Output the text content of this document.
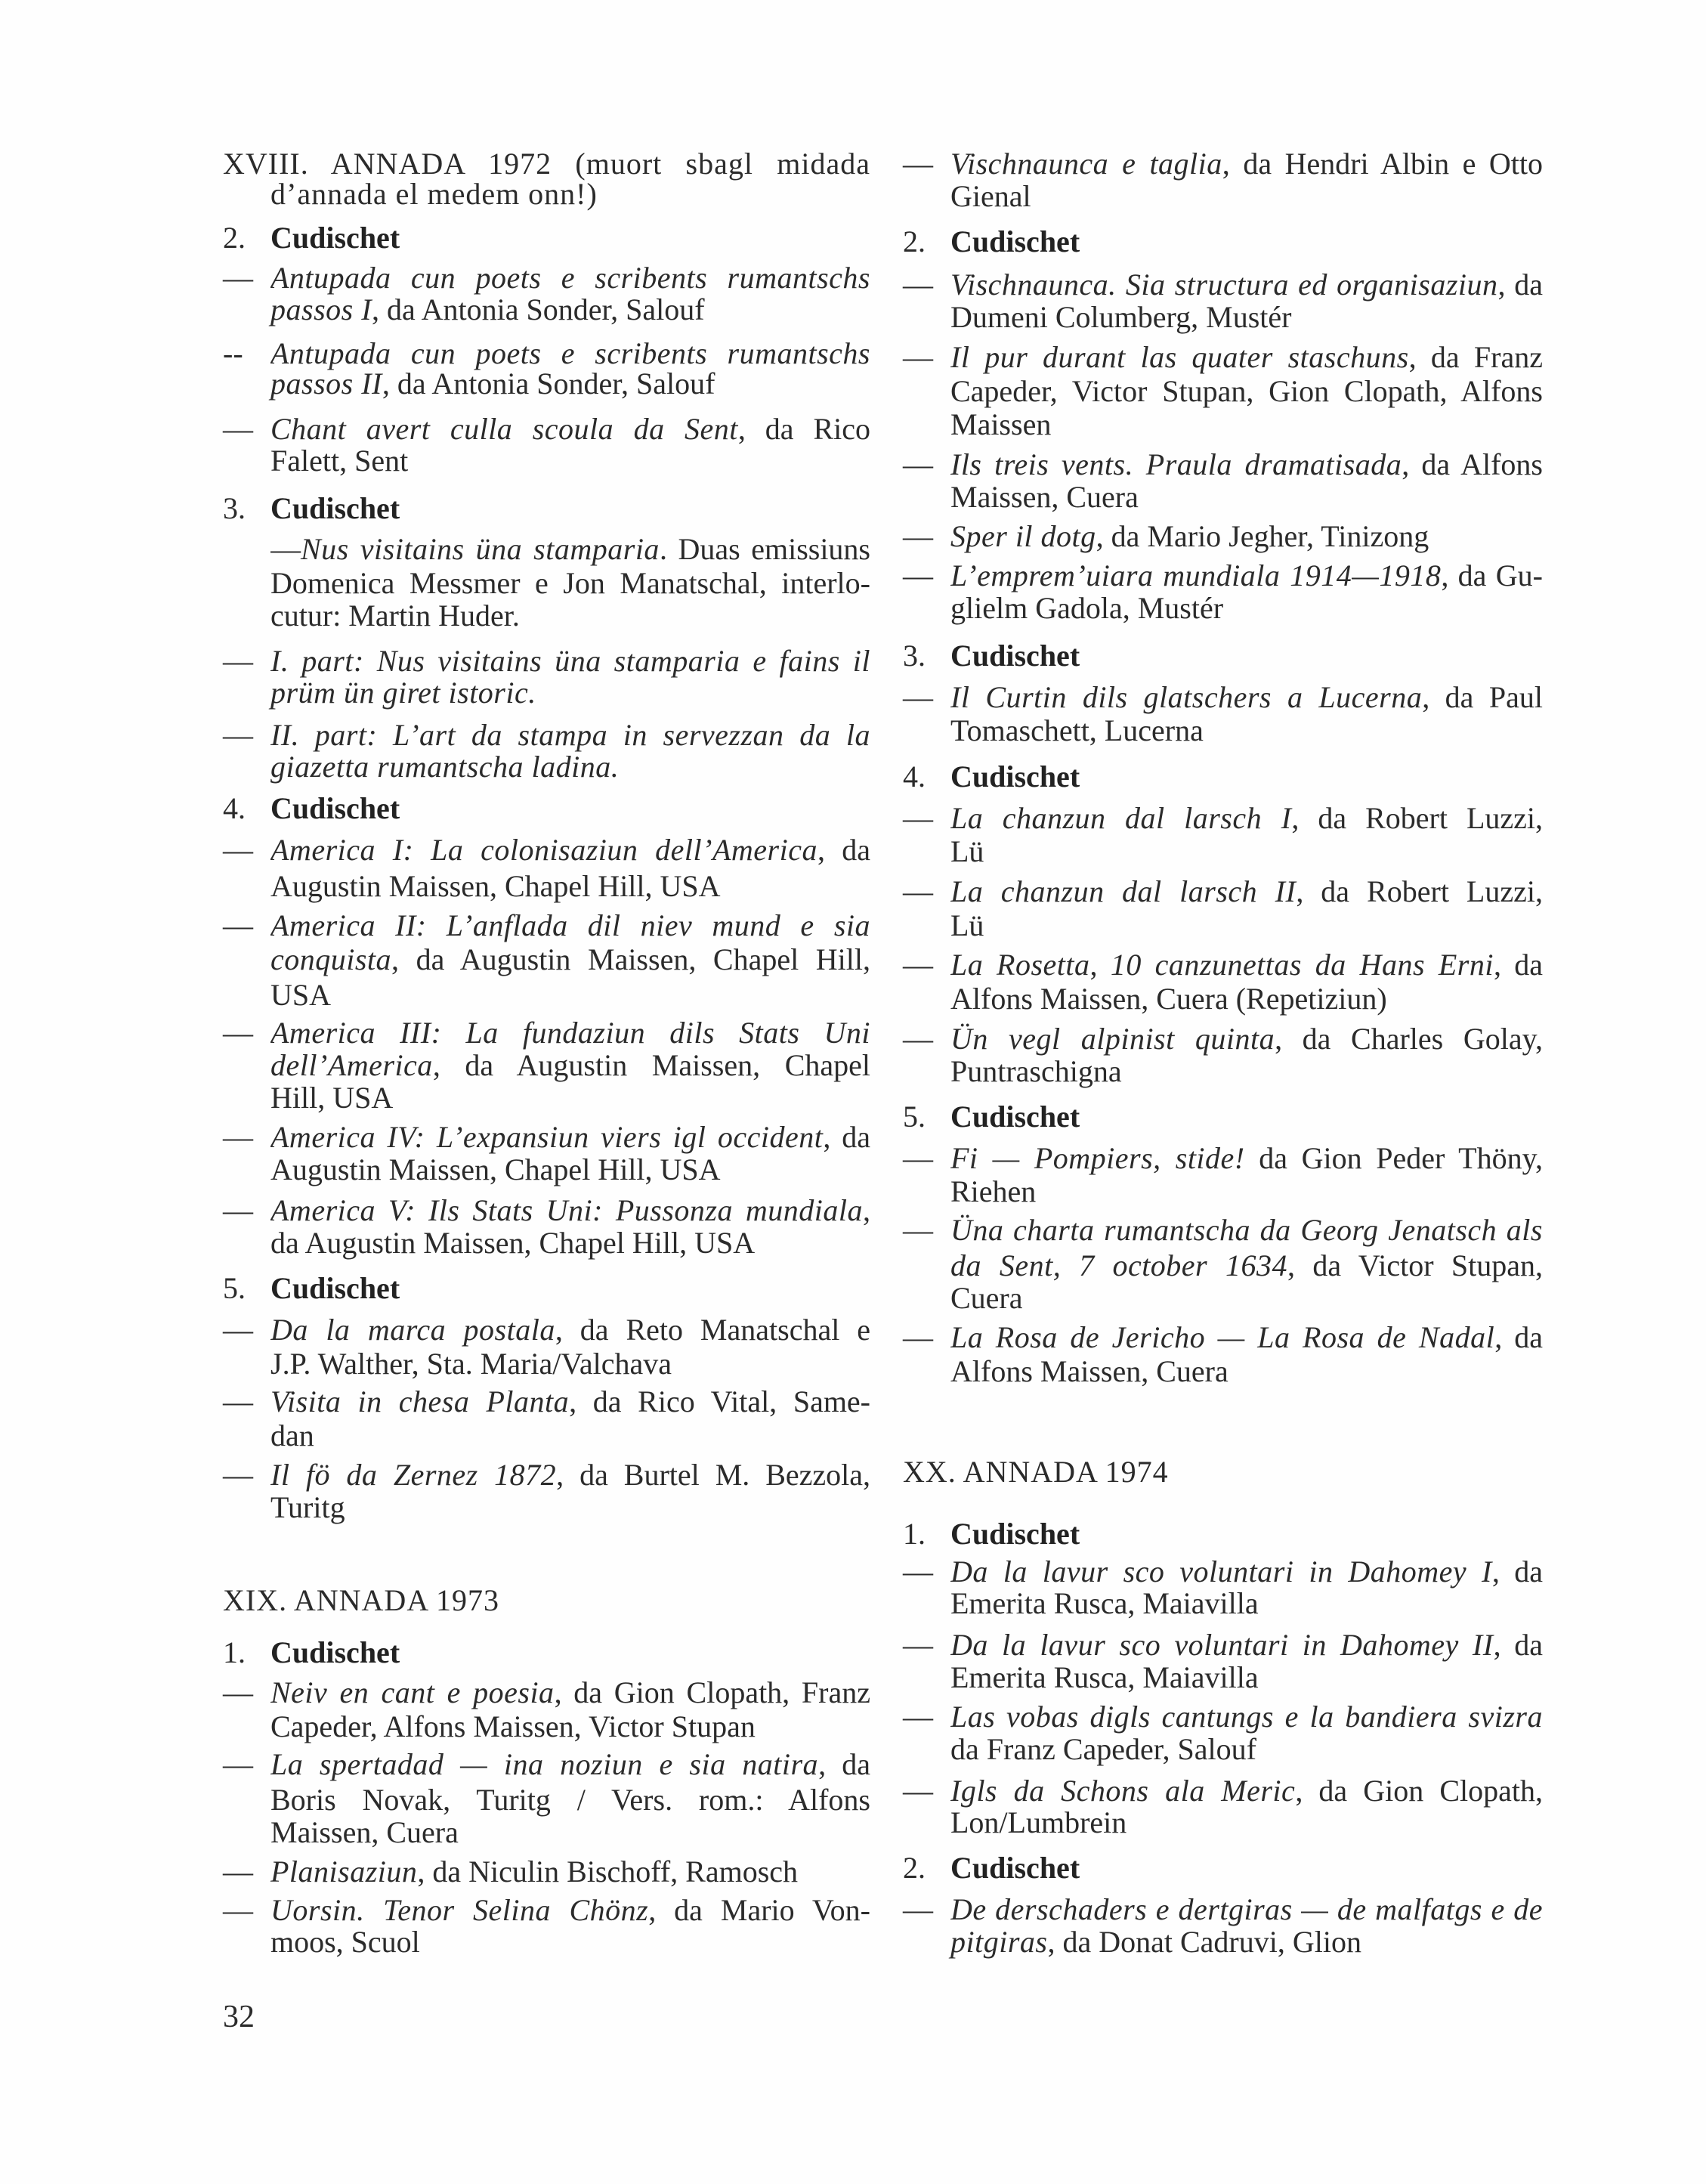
XVIII. ANNADA 1972 (muort sbagl midada
d’annada el medem onn!)
2. Cudischet
— Antupada cun poets e scribents rumantschs
passos I, da Antonia Sonder, Salouf
-- Antupada cun poets e scribents rumantschs
passos II, da Antonia Sonder, Salouf
— Chant avert culla scoula da Sent, da Rico
Falett, Sent
3. Cudischet
—Nus visitains üna stamparia. Duas emissiuns
Domenica Messmer e Jon Manatschal, interlo-
cutur: Martin Huder.
— I. part: Nus visitains üna stamparia e fains il
prüm ün giret istoric.
— II. part: L’art da stampa in servezzan da la
giazetta rumantscha ladina.
4. Cudischet
— America I: La colonisaziun dell’America, da
Augustin Maissen, Chapel Hill, USA
— America II: L’anflada dil niev mund e sia
conquista, da Augustin Maissen, Chapel Hill,
USA
— America III: La fundaziun dils Stats Uni
dell’America, da Augustin Maissen, Chapel
Hill, USA
— America IV: L’expansiun viers igl occident, da
Augustin Maissen, Chapel Hill, USA
— America V: Ils Stats Uni: Pussonza mundiala,
da Augustin Maissen, Chapel Hill, USA
5. Cudischet
— Da la marca postala, da Reto Manatschal e
J.P. Walther, Sta. Maria/Valchava
— Visita in chesa Planta, da Rico Vital, Same-
dan
— Il fö da Zernez 1872, da Burtel M. Bezzola,
Turitg
XIX. ANNADA 1973
1. Cudischet
— Neiv en cant e poesia, da Gion Clopath, Franz
Capeder, Alfons Maissen, Victor Stupan
— La spertadad — ina noziun e sia natira, da
Boris Novak, Turitg / Vers. rom.: Alfons
Maissen, Cuera
— Planisaziun, da Niculin Bischoff, Ramosch
— Uorsin. Tenor Selina Chönz, da Mario Von-
moos, Scuol
— Vischnaunca e taglia, da Hendri Albin e Otto
Gienal
2. Cudischet
— Vischnaunca. Sia structura ed organisaziun, da
Dumeni Columberg, Mustér
— Il pur durant las quater staschuns, da Franz
Capeder, Victor Stupan, Gion Clopath, Alfons
Maissen
— Ils treis vents. Praula dramatisada, da Alfons
Maissen, Cuera
— Sper il dotg, da Mario Jegher, Tinizong
— L’emprem’uiara mundiala 1914—1918, da Gu-
glielm Gadola, Mustér
3. Cudischet
— Il Curtin dils glatschers a Lucerna, da Paul
Tomaschett, Lucerna
4. Cudischet
— La chanzun dal larsch I, da Robert Luzzi,
Lü
— La chanzun dal larsch II, da Robert Luzzi,
Lü
— La Rosetta, 10 canzunettas da Hans Erni, da
Alfons Maissen, Cuera (Repetiziun)
— Ün vegl alpinist quinta, da Charles Golay,
Puntraschigna
5. Cudischet
— Fi — Pompiers, stide! da Gion Peder Thöny,
Riehen
— Üna charta rumantscha da Georg Jenatsch als
da Sent, 7 october 1634, da Victor Stupan,
Cuera
— La Rosa de Jericho — La Rosa de Nadal, da
Alfons Maissen, Cuera
XX. ANNADA 1974
1. Cudischet
— Da la lavur sco voluntari in Dahomey I, da
Emerita Rusca, Maiavilla
— Da la lavur sco voluntari in Dahomey II, da
Emerita Rusca, Maiavilla
— Las vobas digls cantungs e la bandiera svizra
da Franz Capeder, Salouf
— Igls da Schons ala Meric, da Gion Clopath,
Lon/Lumbrein
2. Cudischet
— De derschaders e dertgiras — de malfatgs e de
pitgiras, da Donat Cadruvi, Glion
32
